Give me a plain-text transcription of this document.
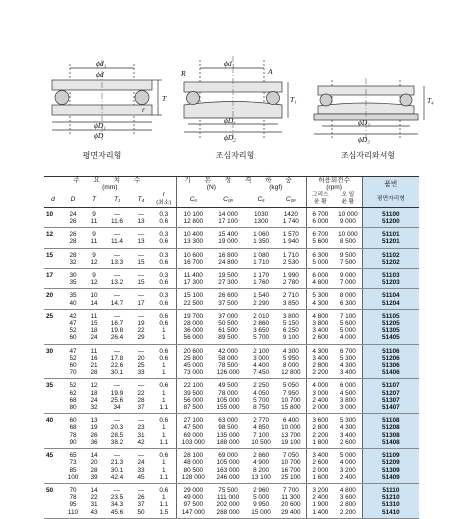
ϕd₁
ϕd
ϕD₁
ϕD
T
r
ϕd₁
R	A
T₁
ϕD₁
ϕD₂
T₄
ϕD₂
ϕD₃
평면자리형	조심자리형	조심자리와셔형
주 요 치 수						기 본 정 격 하 중				허용회전수		품번
(mm)						(N)		(kgf)		(rpm)		
d	D	T	T₁	T₄	r
(최소)	Cₐ	C₀ₐ	Cₐ	C₀ₐ	그리스
윤 활	오 일
윤 활	평면자리형
10	24	9	—	—	0.3	10 100	14 000	1030	1420	6 700	10 000	51100
	26	11	11.6	13	0.6	12 800	17 100	1300	1 740	6 000	9 000	51200
12	26	9	—	—	0.3	10 400	15 400	1 060	1 570	6 700	10 000	51101
	28	11	11.4	13	0.6	13 300	19 000	1 350	1 940	5 600	8 500	51201
15	28	9	—	—	0.3	10 600	16 800	1 080	1 710	6 300	9 500	51102
	32	12	13.3	15	0.6	16 700	24 800	1 710	2 530	5 000	7 500	51202
17	30	9	—	—	0.3	11 400	19 500	1 170	1 990	6 000	9 000	51103
	35	12	13.2	15	0.6	17 300	27 300	1 760	2 780	4 800	7 000	51203
20	35	10	—	—	0.3	15 100	26 600	1 540	2 710	5 300	8 000	51104
	40	14	14.7	17	0.6	22 500	37 500	2 290	3 850	4 300	6 300	51204
25	42	11	—	—	0.6	19 700	37 000	2 010	3 800	4 800	7 100	51105
	47	15	16.7	19	0.6	28 000	50 500	2 860	5 150	3 800	5 600	51205
	52	18	19.8	22	1	36 000	61 500	3 650	6 250	3 400	5 000	51305
	60	24	26.4	29	1	56 000	89 500	5 700	9 100	2 600	4 000	51405
30	47	11	—	—	0.6	20 600	42 000	2 100	4 300	4 300	6 700	51106
	52	16	17.8	20	0.6	25 800	58 000	3 000	5 950	3 400	5 300	51206
	60	21	22.6	25	1	45 000	78 500	4 400	8 000	2 800	4 300	51306
	70	28	30.1	33	1	73 000	126 000	7 450	12 800	2 200	3 400	51406
35	52	12	—	—	0.6	22 100	49 500	2 250	5 050	4 000	6 000	51107
	62	18	19.9	22	1	39 500	78 000	4 050	7 950	3 000	4 500	51207
	68	24	25.6	28	1	56 000	105 000	5 700	10 700	2 400	3 800	51307
	80	32	34	37	1.1	87 500	155 000	8 750	15 800	2 000	3 000	51407
40	60	13	—	—	0.6	27 100	63 000	2 770	6 400	3 600	5 300	51108
	68	19	20.3	23	1	47 500	98 500	4 850	10 000	2 800	4 300	51208
	78	26	28.5	31	1	69 000	135 000	7 100	13 700	2 200	3 400	51308
	90	36	38.2	42	1.1	103 000	188 000	10 500	19 100	1 800	2 600	51408
45	65	14	—	—	0.6	28 100	69 000	2 860	7 050	3 400	5 000	51109
	73	20	21.3	24	1	48 000	105 000	4 900	10 700	2 600	4 000	51209
	85	28	30.1	33	1	80 500	163 000	8 200	16 700	2 000	3 200	51309
	100	39	42.4	45	1.1	128 000	246 000	13 100	25 100	1 600	2 400	51409
50	70	14	—	—	0.6	29 000	75 500	2 960	7 700	3 200	4 800	51110
	78	22	23.5	26	1	49 000	111 000	5 000	11 300	2 400	3 600	51210
	95	31	34.3	37	1.1	97 500	202 000	9 950	20 600	1 900	2 800	51310
	110	43	45.6	50	1.5	147 000	288 000	15 000	29 400	1 400	2 200	51410
